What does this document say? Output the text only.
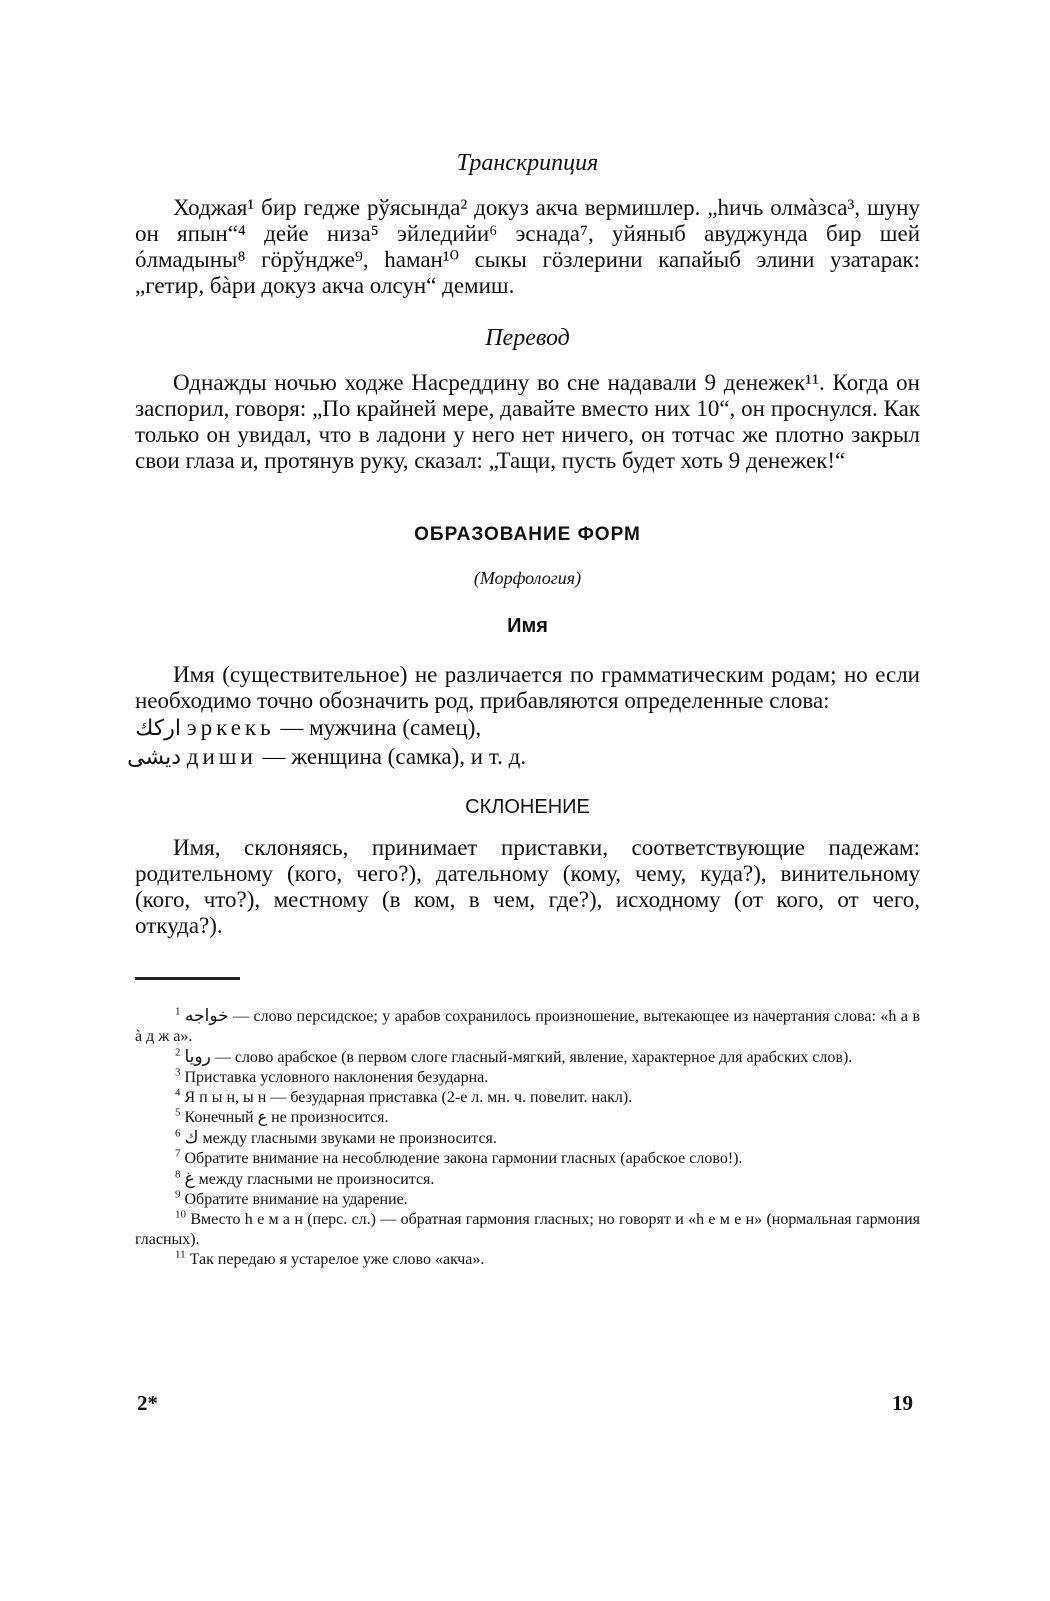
Транскрипция

Ходжая¹ бир гедже рўясында² докуз акча вермишлер. „hичь олмàзса³, шуну он япын“⁴ дейе низа⁵ эйледийи⁶ эснада⁷, уйяныб авуджунда бир шей óлмадыны⁸ гöрўндже⁹, hаман¹⁰ сыкы гöзлерини капайыб элини узатарак: „гетир, бàри докуз акча олсун“ демиш.

Перевод

Однажды ночью ходже Насреддину во сне надавали 9 денежек¹¹. Когда он заспорил, говоря: „По крайней мере, давайте вместо них 10“, он проснулся. Как только он увидал, что в ладони у него нет ничего, он тотчас же плотно закрыл свои глаза и, протянув руку, сказал: „Тащи, пусть будет хоть 9 денежек!“

ОБРАЗОВАНИЕ ФОРМ
(Морфология)
Имя

Имя (существительное) не различается по грамматическим родам; но если необходимо точно обозначить род, прибавляются определенные слова:

ارکك эркекь — мужчина (самец),

دیشی диши — женщина (самка), и т. д.

СКЛОНЕНИЕ

Имя, склоняясь, принимает приставки, соответствующие падежам: родительному (кого, чего?), дательному (кому, чему, куда?), винительному (кого, что?), местному (в ком, в чем, где?), исходному (от кого, от чего, откуда?).

$^1$ خواجه — слово персидское; у арабов сохранилось произношение, вытекающее из начертания слова: «h а в à д ж а».

$^2$ رویا — слово арабское (в первом слоге гласный-мягкий, явление, характерное для арабских слов).

$^3$ Приставка условного наклонения безударна.

$^4$ Я п ы н, ы н — безударная приставка (2-е л. мн. ч. повелит. накл).

$^5$ Конечный ع не произносится.

$^6$ ك между гласными звуками не произносится.

$^7$ Обратите внимание на несоблюдение закона гармонии гласных (арабское слово!).

$^8$ غ между гласными не произносится.

$^9$ Обратите внимание на ударение.

$^{10}$ Вместо h е м а н (перс. сл.) — обратная гармония гласных; но говорят и «h е м е н» (нормальная гармония гласных).

$^{11}$ Так передаю я устарелое уже слово «акча».

2*	19
